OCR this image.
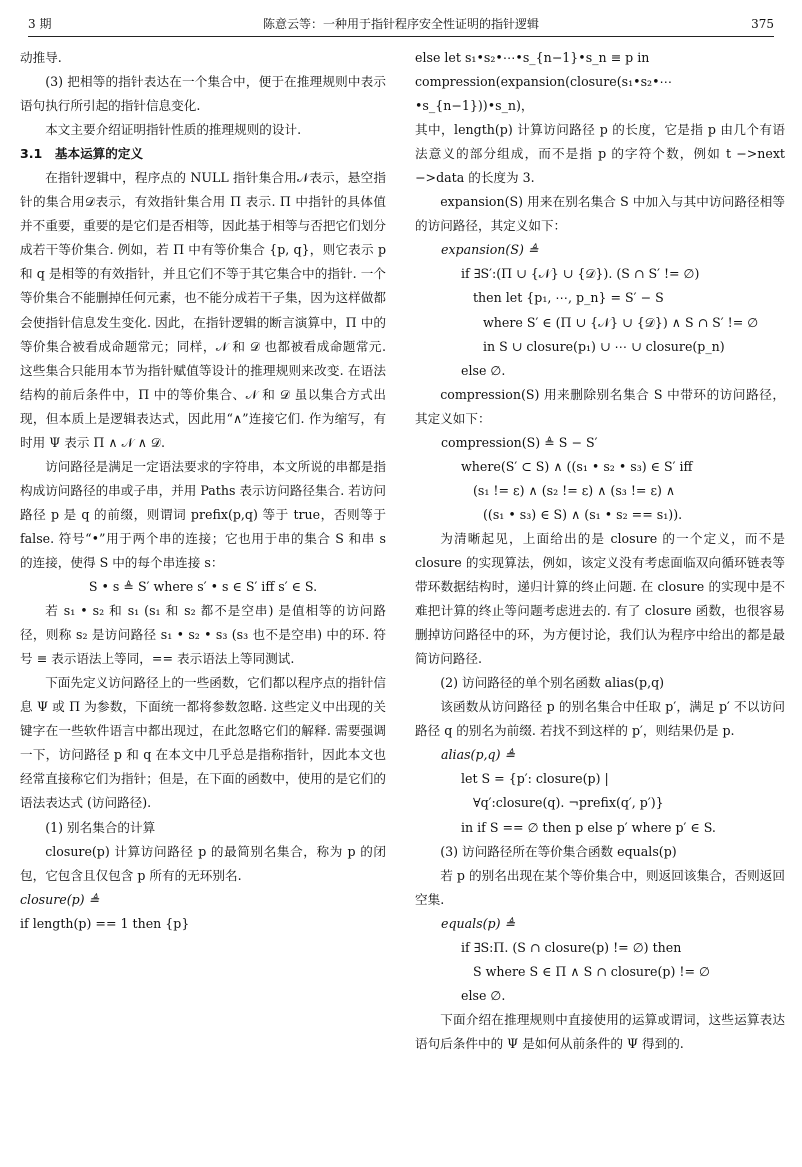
3 期	陈意云等：一种用于指针程序安全性证明的指针逻辑	375

动推导.

(3) 把相等的指针表达在一个集合中，便于在推理规则中表示语句执行所引起的指针信息变化.

本文主要介绍证明指针性质的推理规则的设计.

3.1　基本运算的定义

在指针逻辑中，程序点的 NULL 指针集合用𝒩表示，悬空指针的集合用𝒟表示，有效指针集合用 Π 表示. Π 中指针的具体值并不重要，重要的是它们是否相等，因此基于相等与否把它们划分成若干等价集合. 例如，若 Π 中有等价集合 {p, q}，则它表示 p 和 q 是相等的有效指针，并且它们不等于其它集合中的指针. 一个等价集合不能删掉任何元素，也不能分成若干子集，因为这样做都会使指针信息发生变化. 因此，在指针逻辑的断言演算中，Π 中的等价集合被看成命题常元；同样，𝒩 和 𝒟 也都被看成命题常元. 这些集合只能用本节为指针赋值等设计的推理规则来改变. 在语法结构的前后条件中，Π 中的等价集合、𝒩 和 𝒟 虽以集合方式出现，但本质上是逻辑表达式，因此用“∧”连接它们. 作为缩写，有时用 Ψ 表示 Π ∧ 𝒩 ∧ 𝒟.

访问路径是满足一定语法要求的字符串，本文所说的串都是指构成访问路径的串或子串，并用 Paths 表示访问路径集合. 若访问路径 p 是 q 的前缀，则谓词 prefix(p,q) 等于 true，否则等于 false. 符号“•”用于两个串的连接；它也用于串的集合 S 和串 s 的连接，使得 S 中的每个串连接 s：

S • s ≜ S′ where s′ • s ∈ S′ iff s′ ∈ S.

若 s₁ • s₂ 和 s₁ (s₁ 和 s₂ 都不是空串) 是值相等的访问路径，则称 s₂ 是访问路径 s₁ • s₂ • s₃ (s₃ 也不是空串) 中的环. 符号 ≡ 表示语法上等同，== 表示语法上等同测试.

下面先定义访问路径上的一些函数，它们都以程序点的指针信息 Ψ 或 Π 为参数，下面统一都将参数忽略. 这些定义中出现的关键字在一些软件语言中都出现过，在此忽略它们的解释. 需要强调一下，访问路径 p 和 q 在本文中几乎总是指称指针，因此本文也经常直接称它们为指针；但是，在下面的函数中，使用的是它们的语法表达式 (访问路径).

(1) 别名集合的计算

closure(p) 计算访问路径 p 的最简别名集合，称为 p 的闭包，它包含且仅包含 p 所有的无环别名.

closure(p) ≜

if length(p) == 1 then {p}

else let s₁•s₂•⋯•s_{n−1}•s_n ≡ p in

compression(expansion(closure(s₁•s₂•⋯•s_{n−1}))•s_n)，

其中，length(p) 计算访问路径 p 的长度，它是指 p 由几个有语法意义的部分组成，而不是指 p 的字符个数，例如 t −>next −>data 的长度为 3.

expansion(S) 用来在别名集合 S 中加入与其中访问路径相等的访问路径，其定义如下：

expansion(S) ≜

if ∃S′:(Π ∪ {𝒩} ∪ {𝒟}). (S ∩ S′ != ∅)

then let {p₁, ⋯, p_n} = S′ − S

where S′ ∈ (Π ∪ {𝒩} ∪ {𝒟}) ∧ S ∩ S′ != ∅

in S ∪ closure(p₁) ∪ ⋯ ∪ closure(p_n)

else ∅.

compression(S) 用来删除别名集合 S 中带环的访问路径，其定义如下：

compression(S) ≜ S − S′

where(S′ ⊂ S) ∧ ((s₁ • s₂ • s₃) ∈ S′ iff

(s₁ != ε) ∧ (s₂ != ε) ∧ (s₃ != ε) ∧

((s₁ • s₃) ∈ S) ∧ (s₁ • s₂ == s₁)).

为清晰起见，上面给出的是 closure 的一个定义，而不是 closure 的实现算法，例如，该定义没有考虑面临双向循环链表等带环数据结构时，递归计算的终止问题. 在 closure 的实现中是不难把计算的终止等问题考虑进去的. 有了 closure 函数，也很容易删掉访问路径中的环，为方便讨论，我们认为程序中给出的都是最简访问路径.

(2) 访问路径的单个别名函数 alias(p,q)

该函数从访问路径 p 的别名集合中任取 p′，满足 p′ 不以访问路径 q 的别名为前缀. 若找不到这样的 p′，则结果仍是 p.

alias(p,q) ≜

let S = {p′: closure(p) |

∀q′:closure(q). ¬prefix(q′, p′)}

in if S == ∅ then p else p′ where p′ ∈ S.

(3) 访问路径所在等价集合函数 equals(p)

若 p 的别名出现在某个等价集合中，则返回该集合，否则返回空集.

equals(p) ≜

if ∃S:Π. (S ∩ closure(p) != ∅) then

S where S ∈ Π ∧ S ∩ closure(p) != ∅

else ∅.

下面介绍在推理规则中直接使用的运算或谓词，这些运算表达语句后条件中的 Ψ 是如何从前条件的 Ψ 得到的.
